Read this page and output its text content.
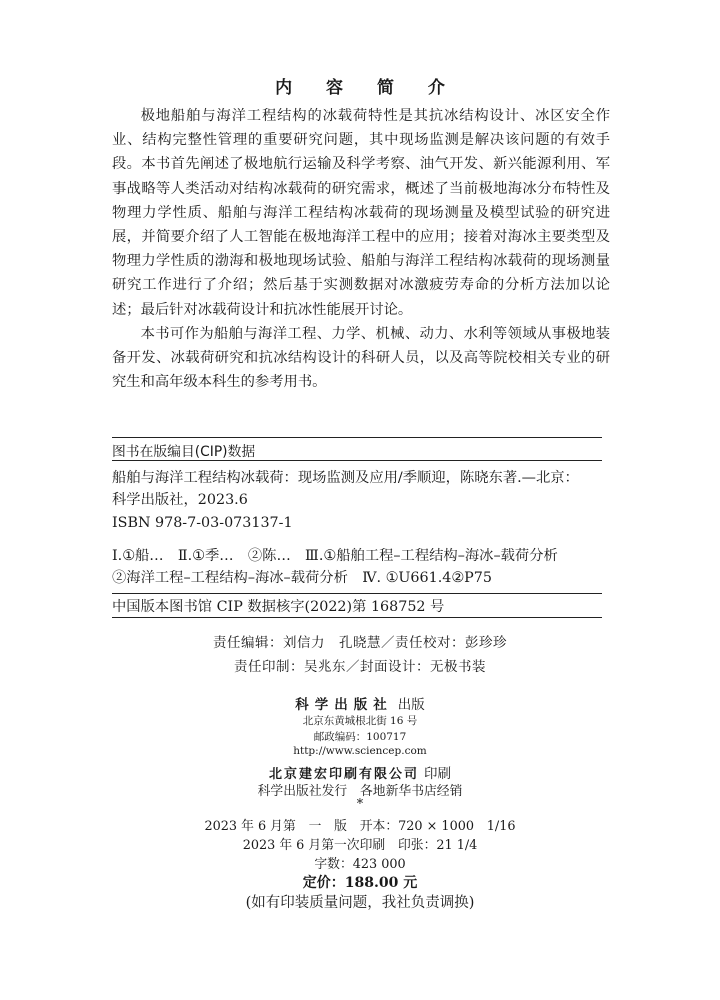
内 容 简 介

极地船舶与海洋工程结构的冰载荷特性是其抗冰结构设计、冰区安全作业、结构完整性管理的重要研究问题，其中现场监测是解决该问题的有效手段。本书首先阐述了极地航行运输及科学考察、油气开发、新兴能源利用、军事战略等人类活动对结构冰载荷的研究需求，概述了当前极地海冰分布特性及物理力学性质、船舶与海洋工程结构冰载荷的现场测量及模型试验的研究进展，并简要介绍了人工智能在极地海洋工程中的应用；接着对海冰主要类型及物理力学性质的渤海和极地现场试验、船舶与海洋工程结构冰载荷的现场测量研究工作进行了介绍；然后基于实测数据对冰激疲劳寿命的分析方法加以论述；最后针对冰载荷设计和抗冰性能展开讨论。

本书可作为船舶与海洋工程、力学、机械、动力、水利等领域从事极地装备开发、冰载荷研究和抗冰结构设计的科研人员，以及高等院校相关专业的研究生和高年级本科生的参考用书。

图书在版编目(CIP)数据
船舶与海洋工程结构冰载荷：现场监测及应用/季顺迎，陈晓东著.—北京：
科学出版社，2023.6
ISBN 978-7-03-073137-1
Ⅰ.①船…　Ⅱ.①季…　②陈…　Ⅲ.①船舶工程–工程结构–海冰–载荷分析
②海洋工程–工程结构–海冰–载荷分析　Ⅳ. ①U661.4②P75
中国版本图书馆 CIP 数据核字(2022)第 168752 号
责任编辑：刘信力　孔晓慧／责任校对：彭珍珍
责任印制：吴兆东／封面设计：无极书装
科学出版社 出版
北京东黄城根北街 16 号
邮政编码：100717
http://www.sciencep.com
北京建宏印刷有限公司 印刷
科学出版社发行　各地新华书店经销
*
2023 年 6 月第　一　版　开本：720 × 1000　1/16
2023 年 6 月第一次印刷　印张：21 1/4
字数：423 000
定价：188.00 元
(如有印装质量问题，我社负责调换)
